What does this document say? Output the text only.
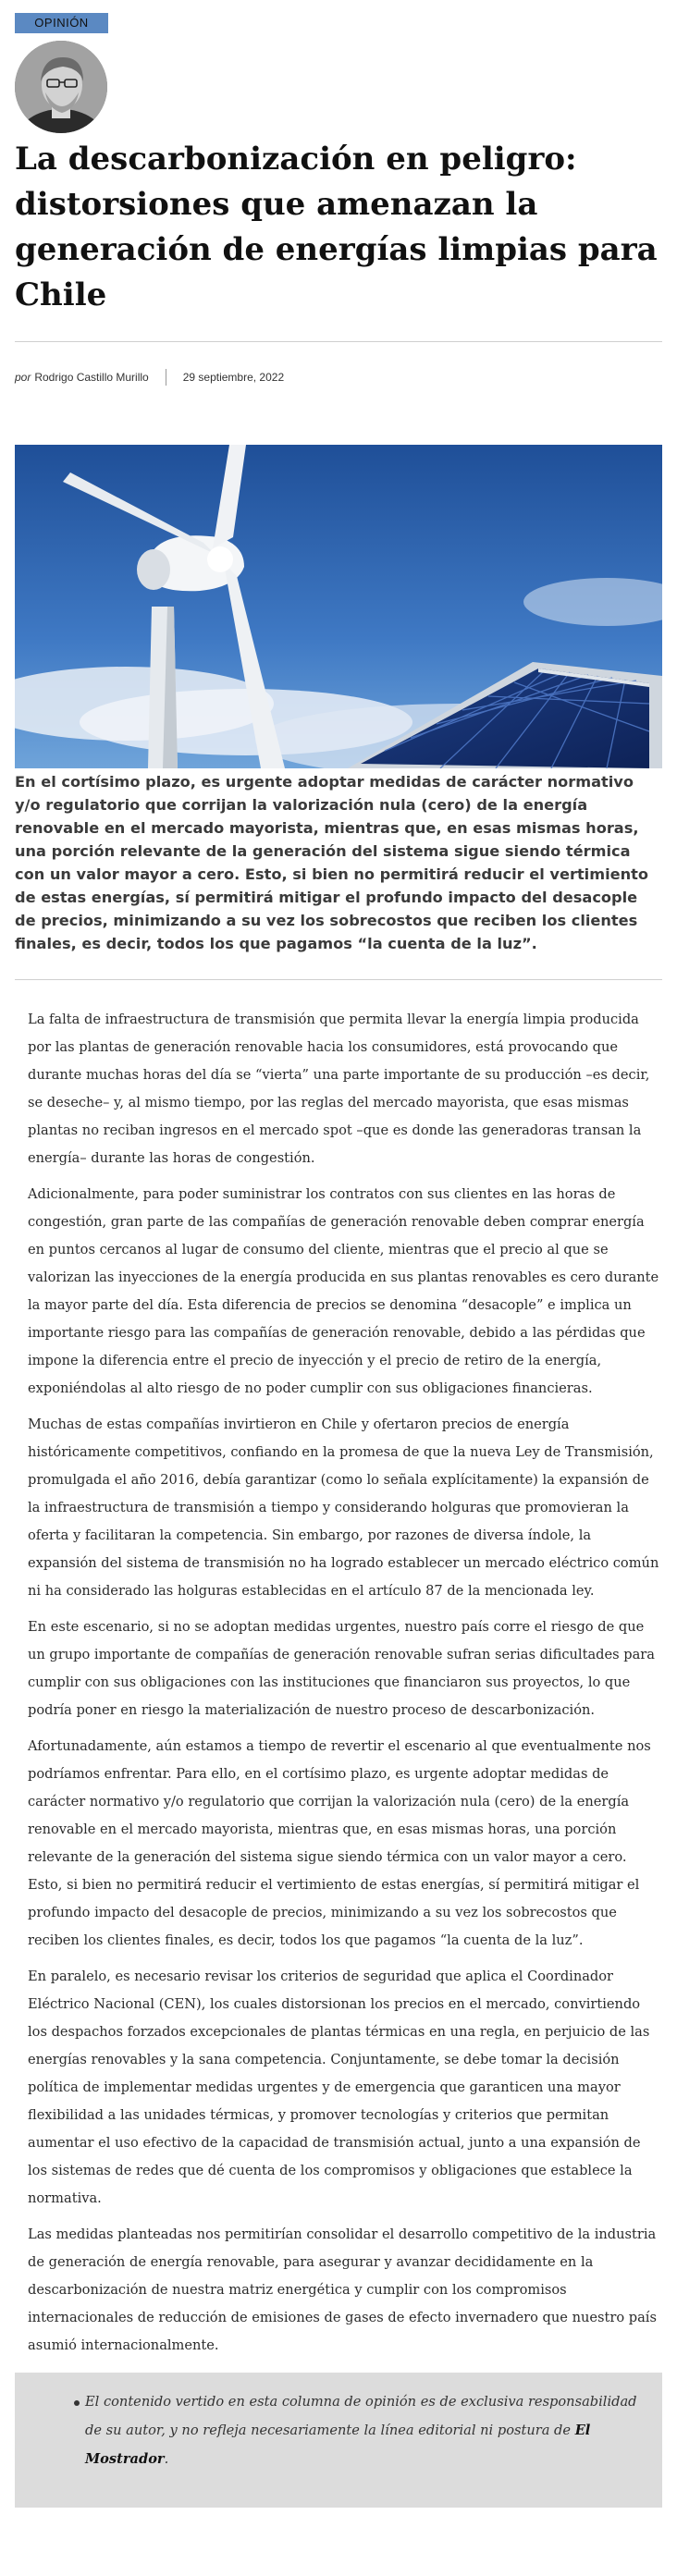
OPINIÓN
La descarbonización en peligro: distorsiones que amenazan la generación de energías limpias para Chile
por Rodrigo Castillo Murillo	29 septiembre, 2022

En el cortísimo plazo, es urgente adoptar medidas de carácter normativo y/o regulatorio que corrijan la valorización nula (cero) de la energía renovable en el mercado mayorista, mientras que, en esas mismas horas, una porción relevante de la generación del sistema sigue siendo térmica con un valor mayor a cero. Esto, si bien no permitirá reducir el vertimiento de estas energías, sí permitirá mitigar el profundo impacto del desacople de precios, minimizando a su vez los sobrecostos que reciben los clientes finales, es decir, todos los que pagamos “la cuenta de la luz”.

La falta de infraestructura de transmisión que permita llevar la energía limpia producida por las plantas de generación renovable hacia los consumidores, está provocando que durante muchas horas del día se “vierta” una parte importante de su producción –es decir, se deseche– y, al mismo tiempo, por las reglas del mercado mayorista, que esas mismas plantas no reciban ingresos en el mercado spot –que es donde las generadoras transan la energía– durante las horas de congestión.

Adicionalmente, para poder suministrar los contratos con sus clientes en las horas de congestión, gran parte de las compañías de generación renovable deben comprar energía en puntos cercanos al lugar de consumo del cliente, mientras que el precio al que se valorizan las inyecciones de la energía producida en sus plantas renovables es cero durante la mayor parte del día. Esta diferencia de precios se denomina “desacople” e implica un importante riesgo para las compañías de generación renovable, debido a las pérdidas que impone la diferencia entre el precio de inyección y el precio de retiro de la energía, exponiéndolas al alto riesgo de no poder cumplir con sus obligaciones financieras.

Muchas de estas compañías invirtieron en Chile y ofertaron precios de energía históricamente competitivos, confiando en la promesa de que la nueva Ley de Transmisión, promulgada el año 2016, debía garantizar (como lo señala explícitamente) la expansión de la infraestructura de transmisión a tiempo y considerando holguras que promovieran la oferta y facilitaran la competencia. Sin embargo, por razones de diversa índole, la expansión del sistema de transmisión no ha logrado establecer un mercado eléctrico común ni ha considerado las holguras establecidas en el artículo 87 de la mencionada ley.

En este escenario, si no se adoptan medidas urgentes, nuestro país corre el riesgo de que un grupo importante de compañías de generación renovable sufran serias dificultades para cumplir con sus obligaciones con las instituciones que financiaron sus proyectos, lo que podría poner en riesgo la materialización de nuestro proceso de descarbonización.

Afortunadamente, aún estamos a tiempo de revertir el escenario al que eventualmente nos podríamos enfrentar. Para ello, en el cortísimo plazo, es urgente adoptar medidas de carácter normativo y/o regulatorio que corrijan la valorización nula (cero) de la energía renovable en el mercado mayorista, mientras que, en esas mismas horas, una porción relevante de la generación del sistema sigue siendo térmica con un valor mayor a cero. Esto, si bien no permitirá reducir el vertimiento de estas energías, sí permitirá mitigar el profundo impacto del desacople de precios, minimizando a su vez los sobrecostos que reciben los clientes finales, es decir, todos los que pagamos “la cuenta de la luz”.

En paralelo, es necesario revisar los criterios de seguridad que aplica el Coordinador Eléctrico Nacional (CEN), los cuales distorsionan los precios en el mercado, convirtiendo los despachos forzados excepcionales de plantas térmicas en una regla, en perjuicio de las energías renovables y la sana competencia. Conjuntamente, se debe tomar la decisión política de implementar medidas urgentes y de emergencia que garanticen una mayor flexibilidad a las unidades térmicas, y promover tecnologías y criterios que permitan aumentar el uso efectivo de la capacidad de transmisión actual, junto a una expansión de los sistemas de redes que dé cuenta de los compromisos y obligaciones que establece la normativa.

Las medidas planteadas nos permitirían consolidar el desarrollo competitivo de la industria de generación de energía renovable, para asegurar y avanzar decididamente en la descarbonización de nuestra matriz energética y cumplir con los compromisos internacionales de reducción de emisiones de gases de efecto invernadero que nuestro país asumió internacionalmente.

El contenido vertido en esta columna de opinión es de exclusiva responsabilidad de su autor, y no refleja necesariamente la línea editorial ni postura de El Mostrador.
